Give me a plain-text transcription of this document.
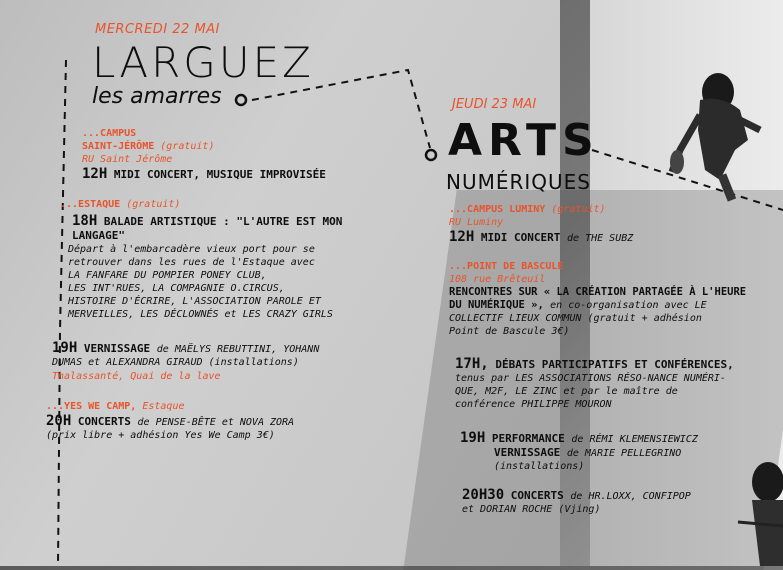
MERCREDI 22 MAI
LARGUEZ
les amarres
...CAMPUS
SAINT-JÉRÔME (gratuit)
RU Saint Jérôme
12H MIDI CONCERT, MUSIQUE IMPROVISÉE
...ESTAQUE (gratuit)
18H BALADE ARTISTIQUE : "L'AUTRE EST MON
LANGAGE"
Départ à l'embarcadère vieux port pour se
retrouver dans les rues de l'Estaque avec
LA FANFARE DU POMPIER PONEY CLUB,
LES INT'RUES, LA COMPAGNIE O.CIRCUS,
HISTOIRE D'ÉCRIRE, L'ASSOCIATION PAROLE ET
MERVEILLES, LES DÉCLOWNÉS et LES CRAZY GIRLS
19H VERNISSAGE de MAËLYS REBUTTINI, YOHANN
DUMAS et ALEXANDRA GIRAUD (installations)
Thalassanté, Quai de la lave
...YES WE CAMP, Estaque
20H CONCERTS de PENSE-BÊTE et NOVA ZORA
(prix libre + adhésion Yes We Camp 3€)
JEUDI 23 MAI
ARTS
NUMÉRIQUES
...CAMPUS LUMINY (gratuit)
RU Luminy
12H MIDI CONCERT de THE SUBZ
...POINT DE BASCULE
108 rue Brêteuil
RENCONTRES SUR « LA CRÉATION PARTAGÉE À L'HEURE
DU NUMÉRIQUE », en co-organisation avec LE
COLLECTIF LIEUX COMMUN (gratuit + adhésion
Point de Bascule 3€)
17H, DÉBATS PARTICIPATIFS ET CONFÉRENCES,
tenus par LES ASSOCIATIONS RÉSO-NANCE NUMÉRI-
QUE, M2F, LE ZINC et par le maître de
conférence PHILIPPE MOURON
19H PERFORMANCE de RÉMI KLEMENSIEWICZ
VERNISSAGE de MARIE PELLEGRINO
(installations)
20H30 CONCERTS de HR.LOXX, CONFIPOP
et DORIAN ROCHE (Vjing)
